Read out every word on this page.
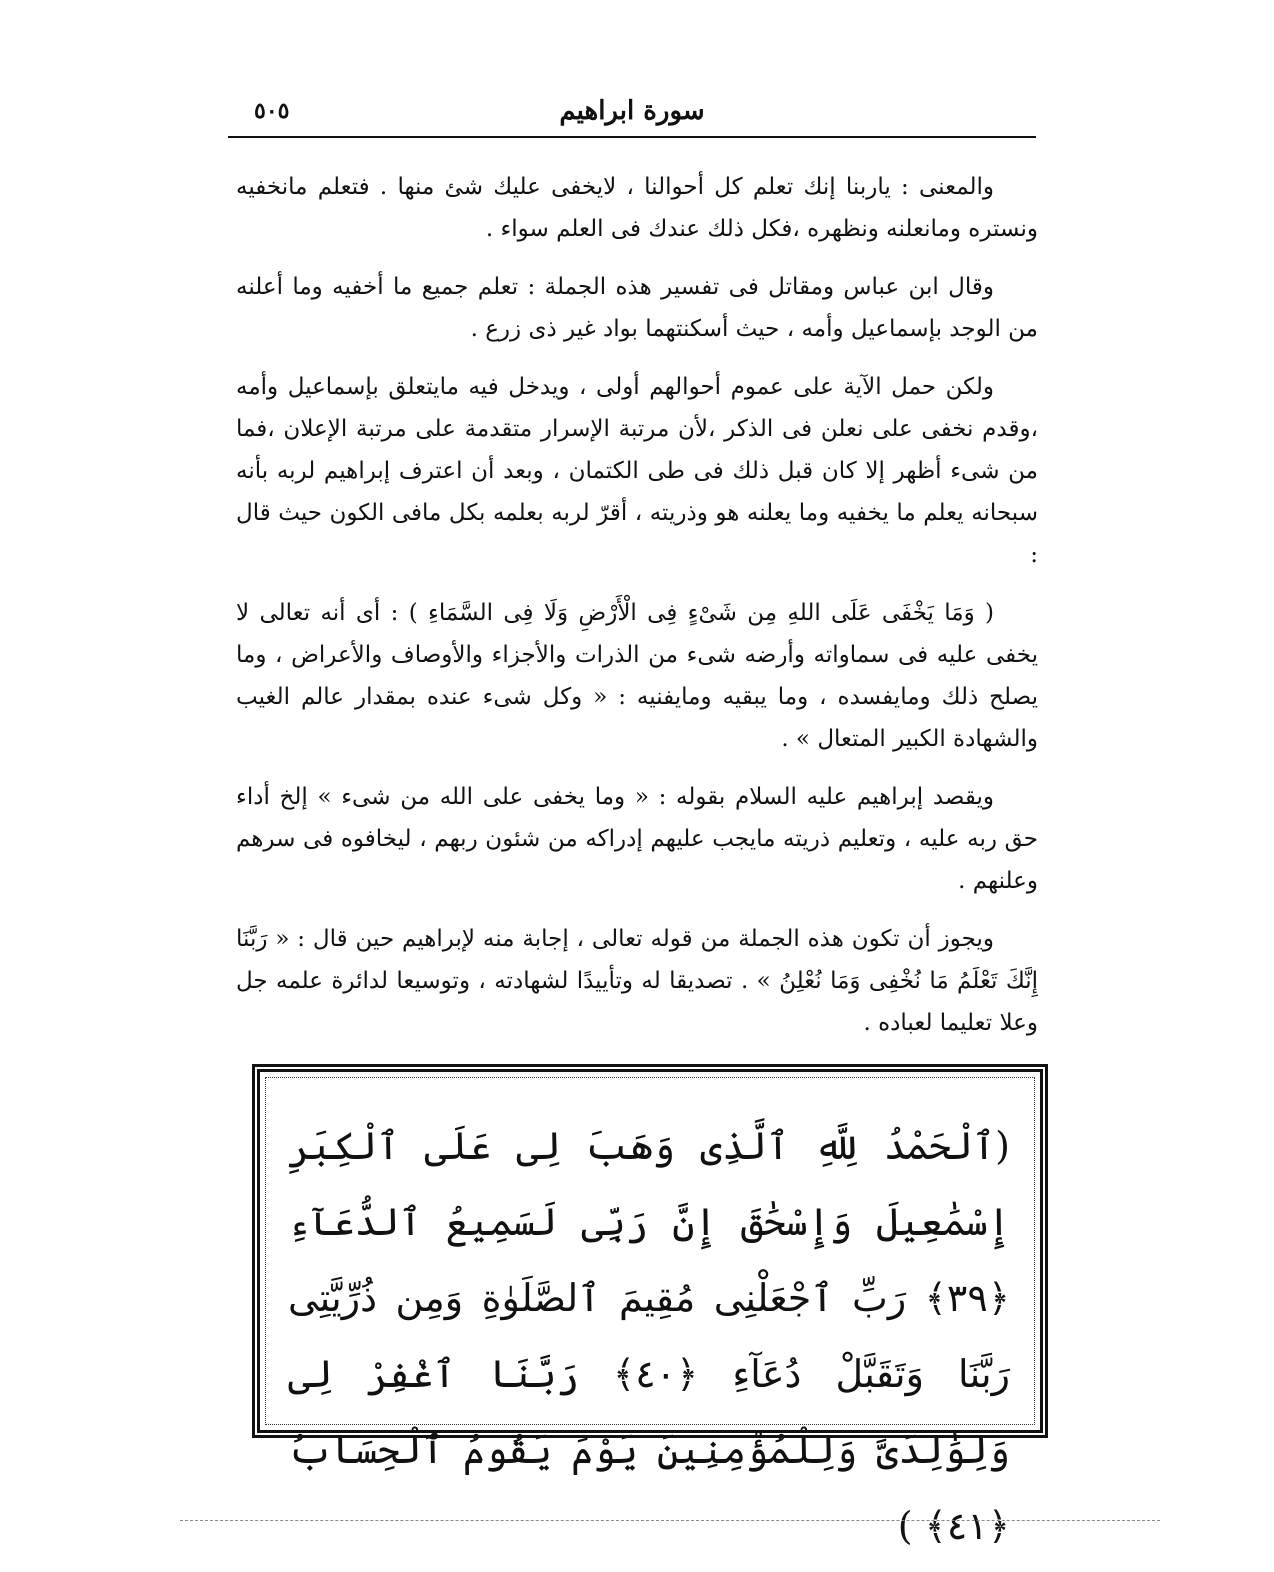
٥٠٥	سورة ابراهيم

والمعنى : ياربنا إنك تعلم كل أحوالنا ، لايخفى عليك شئ منها . فتعلم مانخفيه ونستره ومانعلنه ونظهره ،فكل ذلك عندك فى العلم سواء .

وقال ابن عباس ومقاتل فى تفسير هذه الجملة : تعلم جميع ما أخفيه وما أعلنه من الوجد بإسماعيل وأمه ، حيث أسكنتهما بواد غير ذى زرع .

ولكن حمل الآية على عموم أحوالهم أولى ، ويدخل فيه مايتعلق بإسماعيل وأمه ،وقدم نخفى على نعلن فى الذكر ،لأن مرتبة الإسرار متقدمة على مرتبة الإعلان ،فما من شىء أظهر إلا كان قبل ذلك فى طى الكتمان ، وبعد أن اعترف إبراهيم لربه بأنه سبحانه يعلم ما يخفيه وما يعلنه هو وذريته ، أقرّ لربه بعلمه بكل مافى الكون حيث قال :

( وَمَا يَخْفَى عَلَى اللهِ مِن شَىْءٍ فِى الْأَرْضِ وَلَا فِى السَّمَاءِ ) : أى أنه تعالى لا يخفى عليه فى سماواته وأرضه شىء من الذرات والأجزاء والأوصاف والأعراض ، وما يصلح ذلك ومايفسده ، وما يبقيه ومايفنيه : « وكل شىء عنده بمقدار عالم الغيب والشهادة الكبير المتعال » .

ويقصد إبراهيم عليه السلام بقوله : « وما يخفى على الله من شىء » إلخ أداء حق ربه عليه ، وتعليم ذريته مايجب عليهم إدراكه من شئون ربهم ، ليخافوه فى سرهم وعلنهم .

ويجوز أن تكون هذه الجملة من قوله تعالى ، إجابة منه لإبراهيم حين قال : « رَبَّنَا إِنَّكَ تَعْلَمُ مَا نُخْفِى وَمَا نُعْلِنُ » . تصديقا له وتأييدًا لشهادته ، وتوسيعا لدائرة علمه جل وعلا تعليما لعباده .

(ٱلْحَمْدُ لِلَّهِ ٱلَّذِى وَهَبَ لِى عَلَى ٱلْكِبَرِ إِسْمَٰعِيلَ وَإِسْحَٰقَ إِنَّ رَبِّى لَسَمِيعُ ٱلدُّعَآءِ ﴿٣٩﴾ رَبِّ ٱجْعَلْنِى مُقِيمَ ٱلصَّلَوٰةِ وَمِن ذُرِّيَّتِى رَبَّنَا وَتَقَبَّلْ دُعَآءِ ﴿٤٠﴾ رَبَّنَا ٱغْفِرْ لِى وَلِوَٰلِدَىَّ وَلِلْمُؤْمِنِينَ يَوْمَ يَقُومُ ٱلْحِسَابُ ﴿٤١﴾ )
